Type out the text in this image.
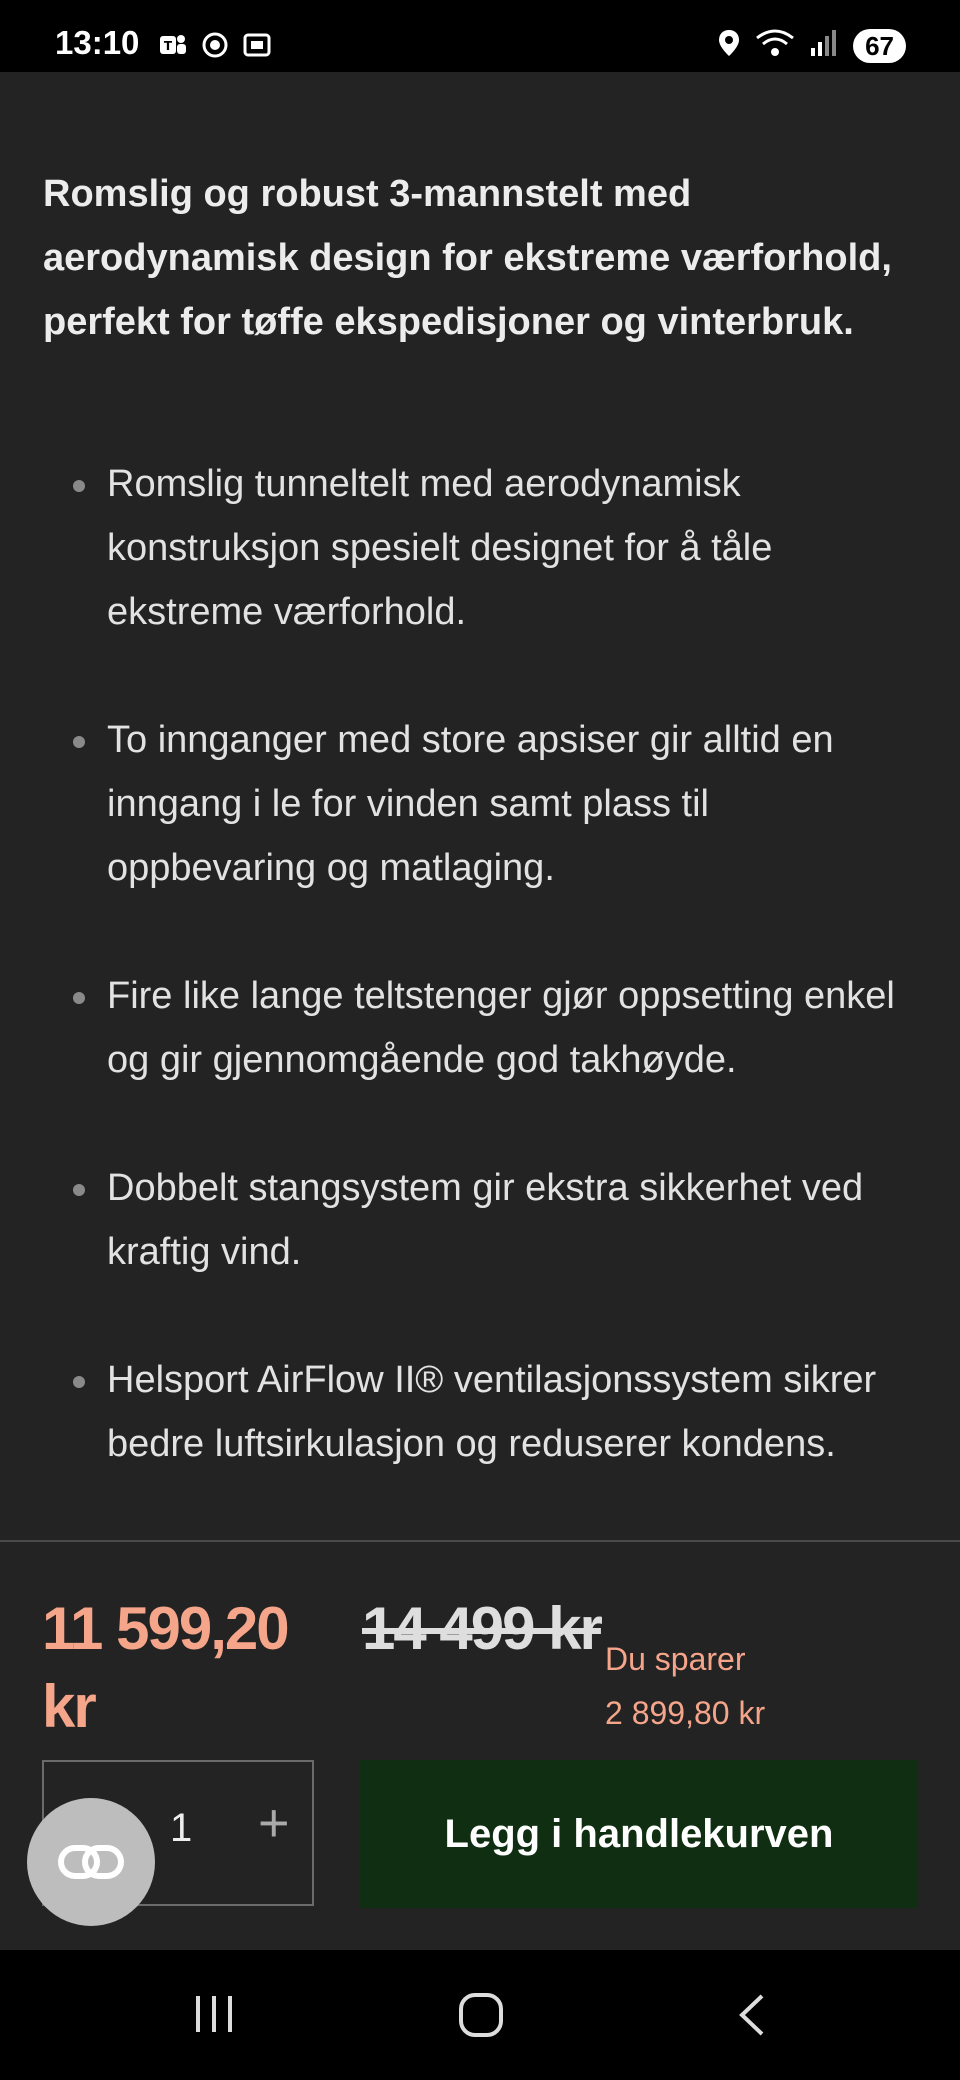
13:10 T	67

Romslig og robust 3-mannstelt med aerodynamisk design for ekstreme værforhold, perfekt for tøffe ekspedisjoner og vinterbruk.

Romslig tunneltelt med aerodynamisk konstruksjon spesielt designet for å tåle ekstreme værforhold.
To innganger med store apsiser gir alltid en inngang i le for vinden samt plass til oppbevaring og matlaging.
Fire like lange teltstenger gjør oppsetting enkel og gir gjennomgående god takhøyde.
Dobbelt stangsystem gir ekstra sikkerhet ved kraftig vind.
Helsport AirFlow II® ventilasjonssystem sikrer bedre luftsirkulasjon og reduserer kondens.
11 599,20 kr
14 499 kr Du sparer
2 899,80 kr
1 +	Legg i handlekurven
